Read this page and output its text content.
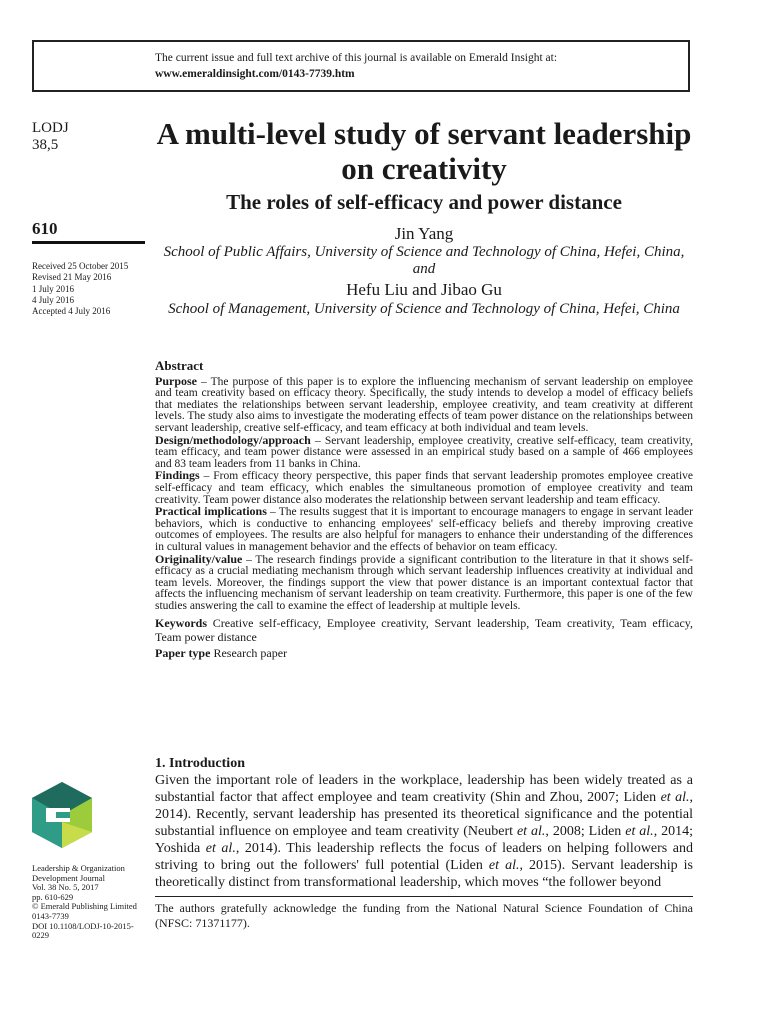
The current issue and full text archive of this journal is available on Emerald Insight at:
www.emeraldinsight.com/0143-7739.htm
LODJ
38,5	A multi-level study of servant leadership on creativity
The roles of self-efficacy and power distance
610
Received 25 October 2015
Revised 21 May 2016
1 July 2016
4 July 2016
Accepted 4 July 2016
Jin Yang
School of Public Affairs, University of Science and Technology of China, Hefei, China, and
Hefu Liu and Jibao Gu
School of Management, University of Science and Technology of China, Hefei, China
Abstract

Purpose – The purpose of this paper is to explore the influencing mechanism of servant leadership on employee and team creativity based on efficacy theory. Specifically, the study intends to develop a model of efficacy beliefs that mediates the relationships between servant leadership, employee creativity, and team creativity at different levels. The study also aims to investigate the moderating effects of team power distance on the relationships between servant leadership, creative self-efficacy, and team efficacy at both individual and team levels.

Design/methodology/approach – Servant leadership, employee creativity, creative self-efficacy, team creativity, team efficacy, and team power distance were assessed in an empirical study based on a sample of 466 employees and 83 team leaders from 11 banks in China.

Findings – From efficacy theory perspective, this paper finds that servant leadership promotes employee creative self-efficacy and team efficacy, which enables the simultaneous promotion of employee creativity and team creativity. Team power distance also moderates the relationship between servant leadership and team efficacy.

Practical implications – The results suggest that it is important to encourage managers to engage in servant leader behaviors, which is conductive to enhancing employees' self-efficacy beliefs and thereby improving creative outcomes of employees. The results are also helpful for managers to enhance their understanding of the differences in cultural values in management behavior and the effects of behavior on team efficacy.

Originality/value – The research findings provide a significant contribution to the literature in that it shows self-efficacy as a crucial mediating mechanism through which servant leadership influences creativity at individual and team levels. Moreover, the findings support the view that power distance is an important contextual factor that affects the influencing mechanism of servant leadership on team creativity. Furthermore, this paper is one of the few studies answering the call to examine the effect of leadership at multiple levels.

Keywords Creative self-efficacy, Employee creativity, Servant leadership, Team creativity, Team efficacy, Team power distance

Paper type Research paper

1. Introduction
Given the important role of leaders in the workplace, leadership has been widely treated as a substantial factor that affect employee and team creativity (Shin and Zhou, 2007; Liden et al., 2014). Recently, servant leadership has presented its theoretical significance and the potential substantial influence on employee and team creativity (Neubert et al., 2008; Liden et al., 2014; Yoshida et al., 2014). This leadership reflects the focus of leaders on helping followers and striving to bring out the followers' full potential (Liden et al., 2015). Servant leadership is theoretically distinct from transformational leadership, which moves “the follower beyond
The authors gratefully acknowledge the funding from the National Natural Science Foundation of China (NFSC: 71371177).
Leadership & Organization
Development Journal
Vol. 38 No. 5, 2017
pp. 610-629
© Emerald Publishing Limited
0143-7739
DOI 10.1108/LODJ-10-2015-0229
